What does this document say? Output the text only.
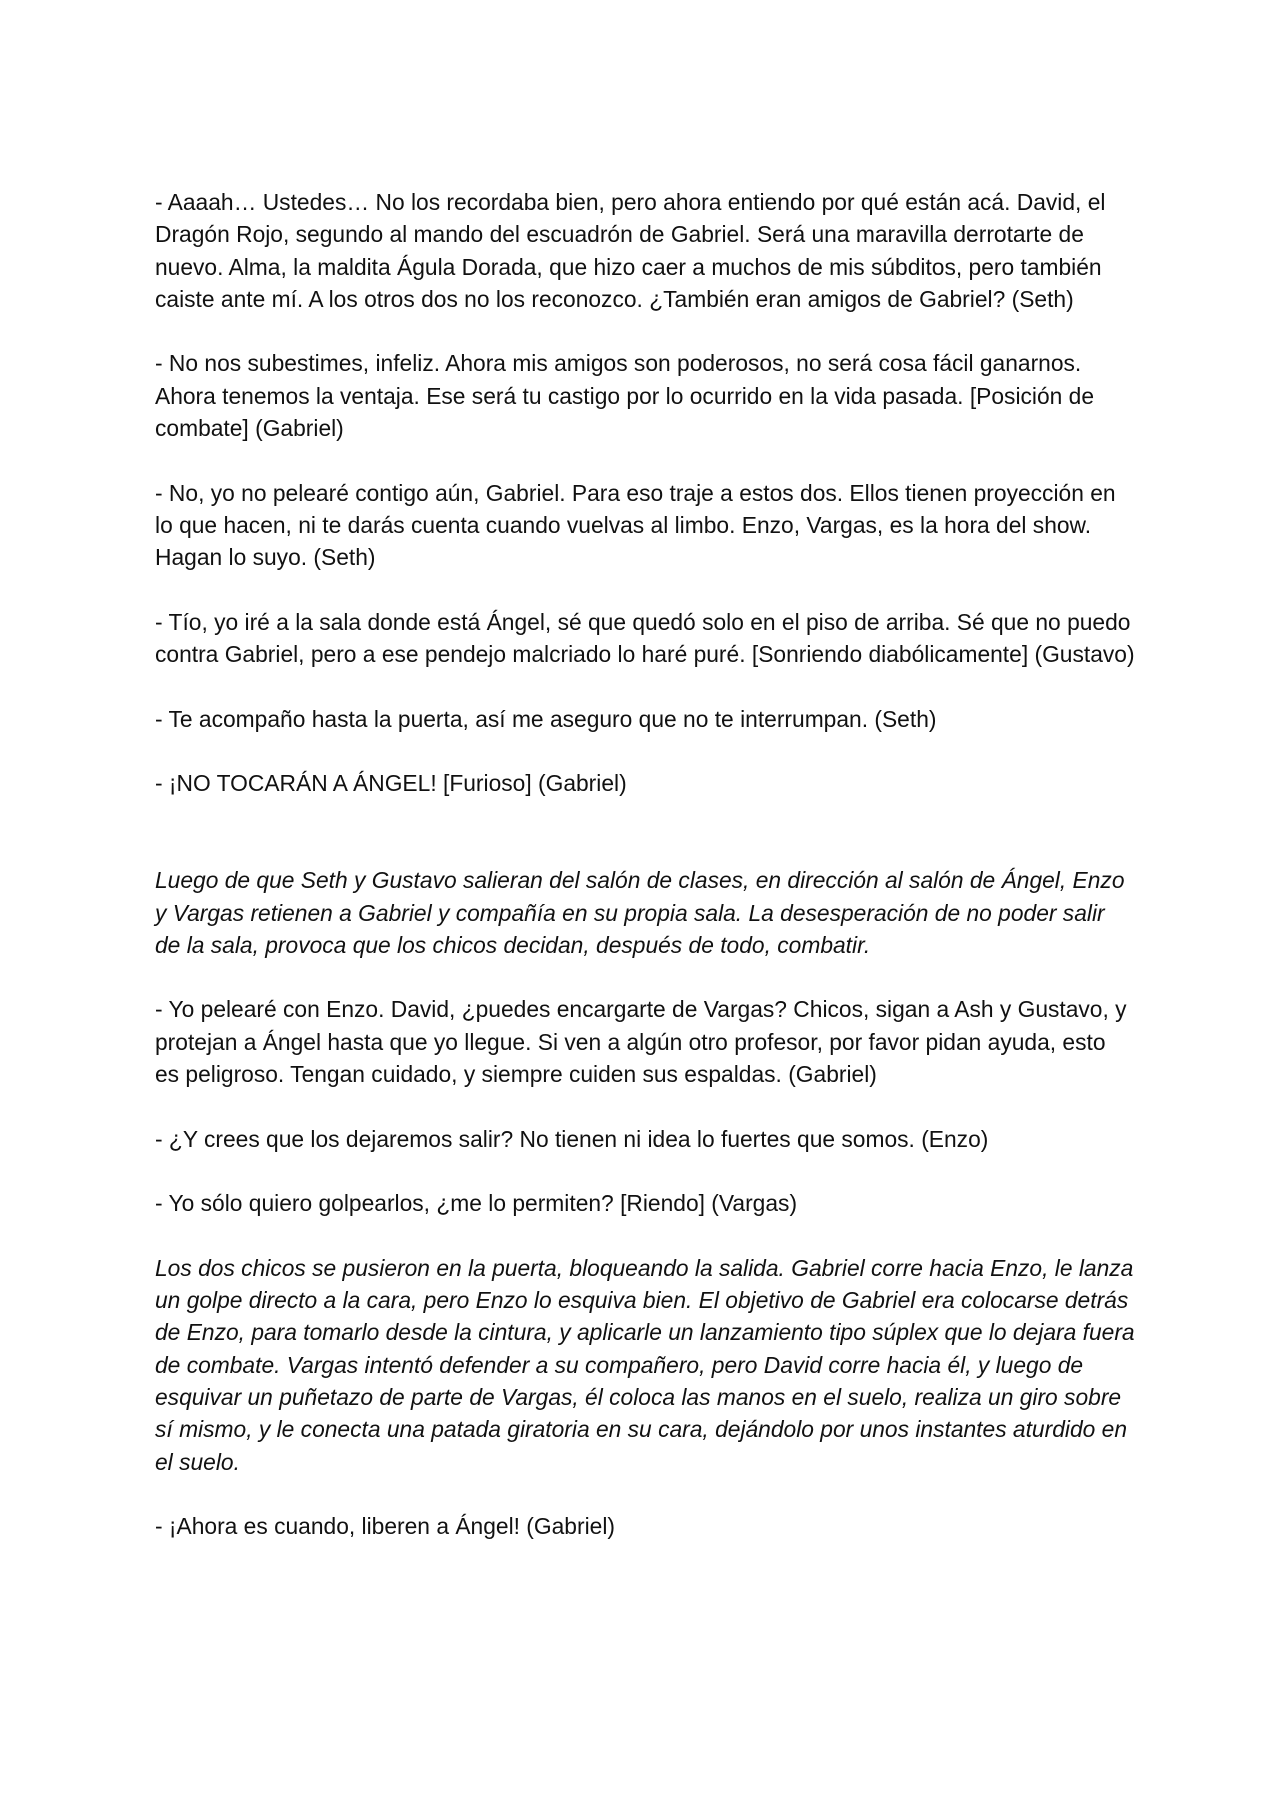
- Aaaah… Ustedes… No los recordaba bien, pero ahora entiendo por qué están acá. David, el Dragón Rojo, segundo al mando del escuadrón de Gabriel. Será una maravilla derrotarte de nuevo. Alma, la maldita Águla Dorada, que hizo caer a muchos de mis súbditos, pero también caiste ante mí. A los otros dos no los reconozco. ¿También eran amigos de Gabriel? (Seth)

- No nos subestimes, infeliz. Ahora mis amigos son poderosos, no será cosa fácil ganarnos. Ahora tenemos la ventaja. Ese será tu castigo por lo ocurrido en la vida pasada. [Posición de combate] (Gabriel)

- No, yo no pelearé contigo aún, Gabriel. Para eso traje a estos dos. Ellos tienen proyección en lo que hacen, ni te darás cuenta cuando vuelvas al limbo. Enzo, Vargas, es la hora del show. Hagan lo suyo. (Seth)

- Tío, yo iré a la sala donde está Ángel, sé que quedó solo en el piso de arriba. Sé que no puedo contra Gabriel, pero a ese pendejo malcriado lo haré puré. [Sonriendo diabólicamente] (Gustavo)

- Te acompaño hasta la puerta, así me aseguro que no te interrumpan. (Seth)

- ¡NO TOCARÁN A ÁNGEL! [Furioso] (Gabriel)

Luego de que Seth y Gustavo salieran del salón de clases, en dirección al salón de Ángel, Enzo y Vargas retienen a Gabriel y compañía en su propia sala. La desesperación de no poder salir de la sala, provoca que los chicos decidan, después de todo, combatir.

- Yo pelearé con Enzo. David, ¿puedes encargarte de Vargas? Chicos, sigan a Ash y Gustavo, y protejan a Ángel hasta que yo llegue. Si ven a algún otro profesor, por favor pidan ayuda, esto es peligroso. Tengan cuidado, y siempre cuiden sus espaldas. (Gabriel)

- ¿Y crees que los dejaremos salir? No tienen ni idea lo fuertes que somos. (Enzo)

- Yo sólo quiero golpearlos, ¿me lo permiten? [Riendo] (Vargas)

Los dos chicos se pusieron en la puerta, bloqueando la salida. Gabriel corre hacia Enzo, le lanza un golpe directo a la cara, pero Enzo lo esquiva bien. El objetivo de Gabriel era colocarse detrás de Enzo, para tomarlo desde la cintura, y aplicarle un lanzamiento tipo súplex que lo dejara fuera de combate. Vargas intentó defender a su compañero, pero David corre hacia él, y luego de esquivar un puñetazo de parte de Vargas, él coloca las manos en el suelo, realiza un giro sobre sí mismo, y le conecta una patada giratoria en su cara, dejándolo por unos instantes aturdido en el suelo.

- ¡Ahora es cuando, liberen a Ángel! (Gabriel)
